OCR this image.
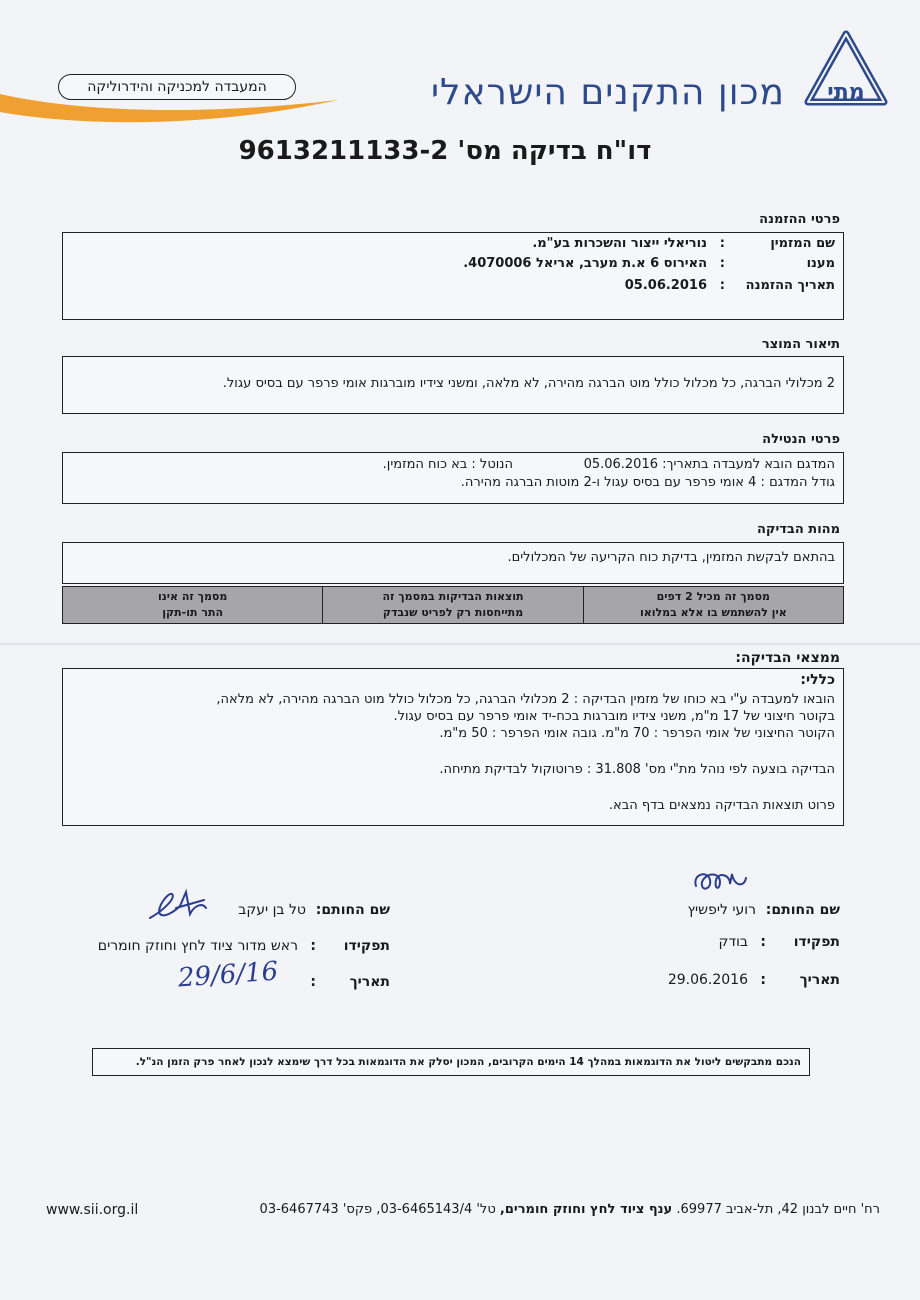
מתי
מכון התקנים הישראלי
המעבדה למכניקה והידרוליקה
דו"ח בדיקה מס' 9613211133-2
פרטי ההזמנה
שם המזמין
:
נוריאלי ייצור והשכרות בע"מ.
מענו
:
האירוס 6 א.ת מערב, אריאל 4070006.
תאריך ההזמנה
:
05.06.2016
תיאור המוצר
2 מכלולי הברגה, כל מכלול כולל מוט הברגה מהירה, לא מלאה, ומשני צידיו מוברגות אומי פרפר עם בסיס עגול.
פרטי הנטילה
המדגם הובא למעבדה בתאריך: 05.06.2016
הנוטל : בא כוח המזמין.
גודל המדגם : 4 אומי פרפר עם בסיס עגול ו-2 מוטות הברגה מהירה.
מהות הבדיקה
בהתאם לבקשת המזמין, בדיקת כוח הקריעה של המכלולים.
מסמך זה מכיל 2 דפים
אין להשתמש בו אלא במלואו
תוצאות הבדיקות במסמך זה
מתייחסות רק לפריט שנבדק
מסמך זה אינו
התר תו-תקן
ממצאי הבדיקה:
כללי:
הובאו למעבדה ע"י בא כוחו של מזמין הבדיקה : 2 מכלולי הברגה, כל מכלול כולל מוט הברגה מהירה, לא מלאה,
בקוטר חיצוני של 17 מ"מ, משני צידיו מוברגות בכח-יד אומי פרפר עם בסיס עגול.
הקוטר החיצוני של אומי הפרפר : 70 מ"מ. גובה אומי הפרפר : 50 מ"מ.
הבדיקה בוצעה לפי נוהל מת"י מס' 31.808 : פרוטוקול לבדיקת מתיחה.
פרוט תוצאות הבדיקה נמצאים בדף הבא.
שם החותם:
רועי ליפשיץ
תפקידו
:
בודק
תאריך
:
29.06.2016
שם החותם:
טל בן יעקב
תפקידו
:
ראש מדור ציוד לחץ וחוזק חומרים
תאריך
:
29/6/16
הנכם מתבקשים ליטול את הדוגמאות במהלך 14 הימים הקרובים, המכון יסלק את הדוגמאות בכל דרך שימצא לנכון לאחר פרק הזמן הנ"ל.
www.sii.org.il	רח' חיים לבנון 42, תל-אביב 69977. ענף ציוד לחץ וחוזק חומרים, טל' 03-6465143/4, פקס' 03-6467743
